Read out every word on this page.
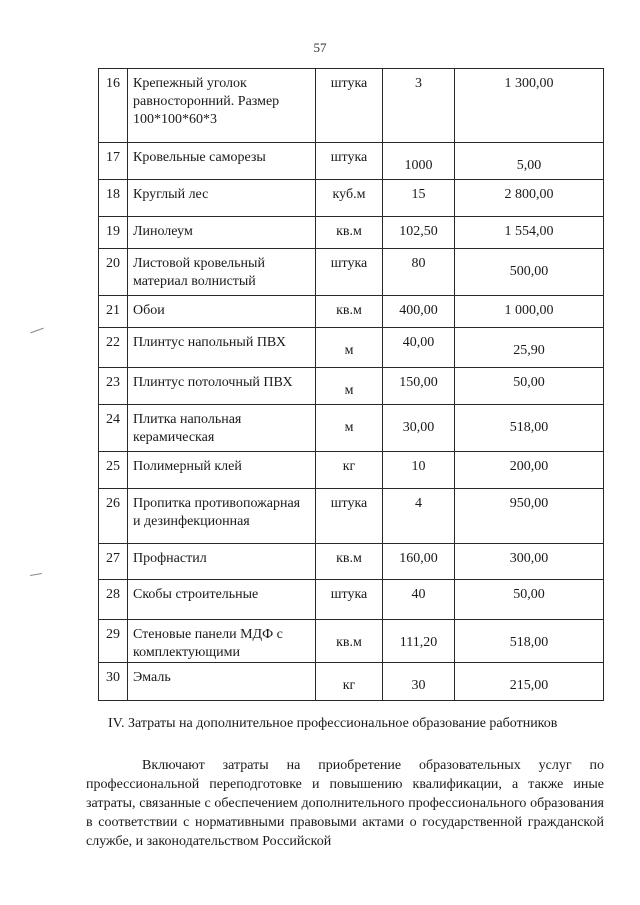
57
16	Крепежный уголок равносторонний. Размер 100*100*60*3	штука	3	1 300,00
17	Кровельные саморезы	штука	1000	5,00
18	Круглый лес	куб.м	15	2 800,00
19	Линолеум	кв.м	102,50	1 554,00
20	Листовой кровельный материал волнистый	штука	80	500,00
21	Обои	кв.м	400,00	1 000,00
22	Плинтус напольный ПВХ	м	40,00	25,90
23	Плинтус потолочный ПВХ	м	150,00	50,00
24	Плитка напольная керамическая	м	30,00	518,00
25	Полимерный клей	кг	10	200,00
26	Пропитка противопожарная и дезинфекционная	штука	4	950,00
27	Профнастил	кв.м	160,00	300,00
28	Скобы строительные	штука	40	50,00
29	Стеновые панели МДФ с комплектующими	кв.м	111,20	518,00
30	Эмаль	кг	30	215,00
IV. Затраты на дополнительное профессиональное образование работников
Включают затраты на приобретение образовательных услуг по профессиональной переподготовке и повышению квалификации, а также иные затраты, связанные с обеспечением дополнительного профессионального образования в соответствии с нормативными правовыми актами о государственной гражданской службе, и законодательством Российской
